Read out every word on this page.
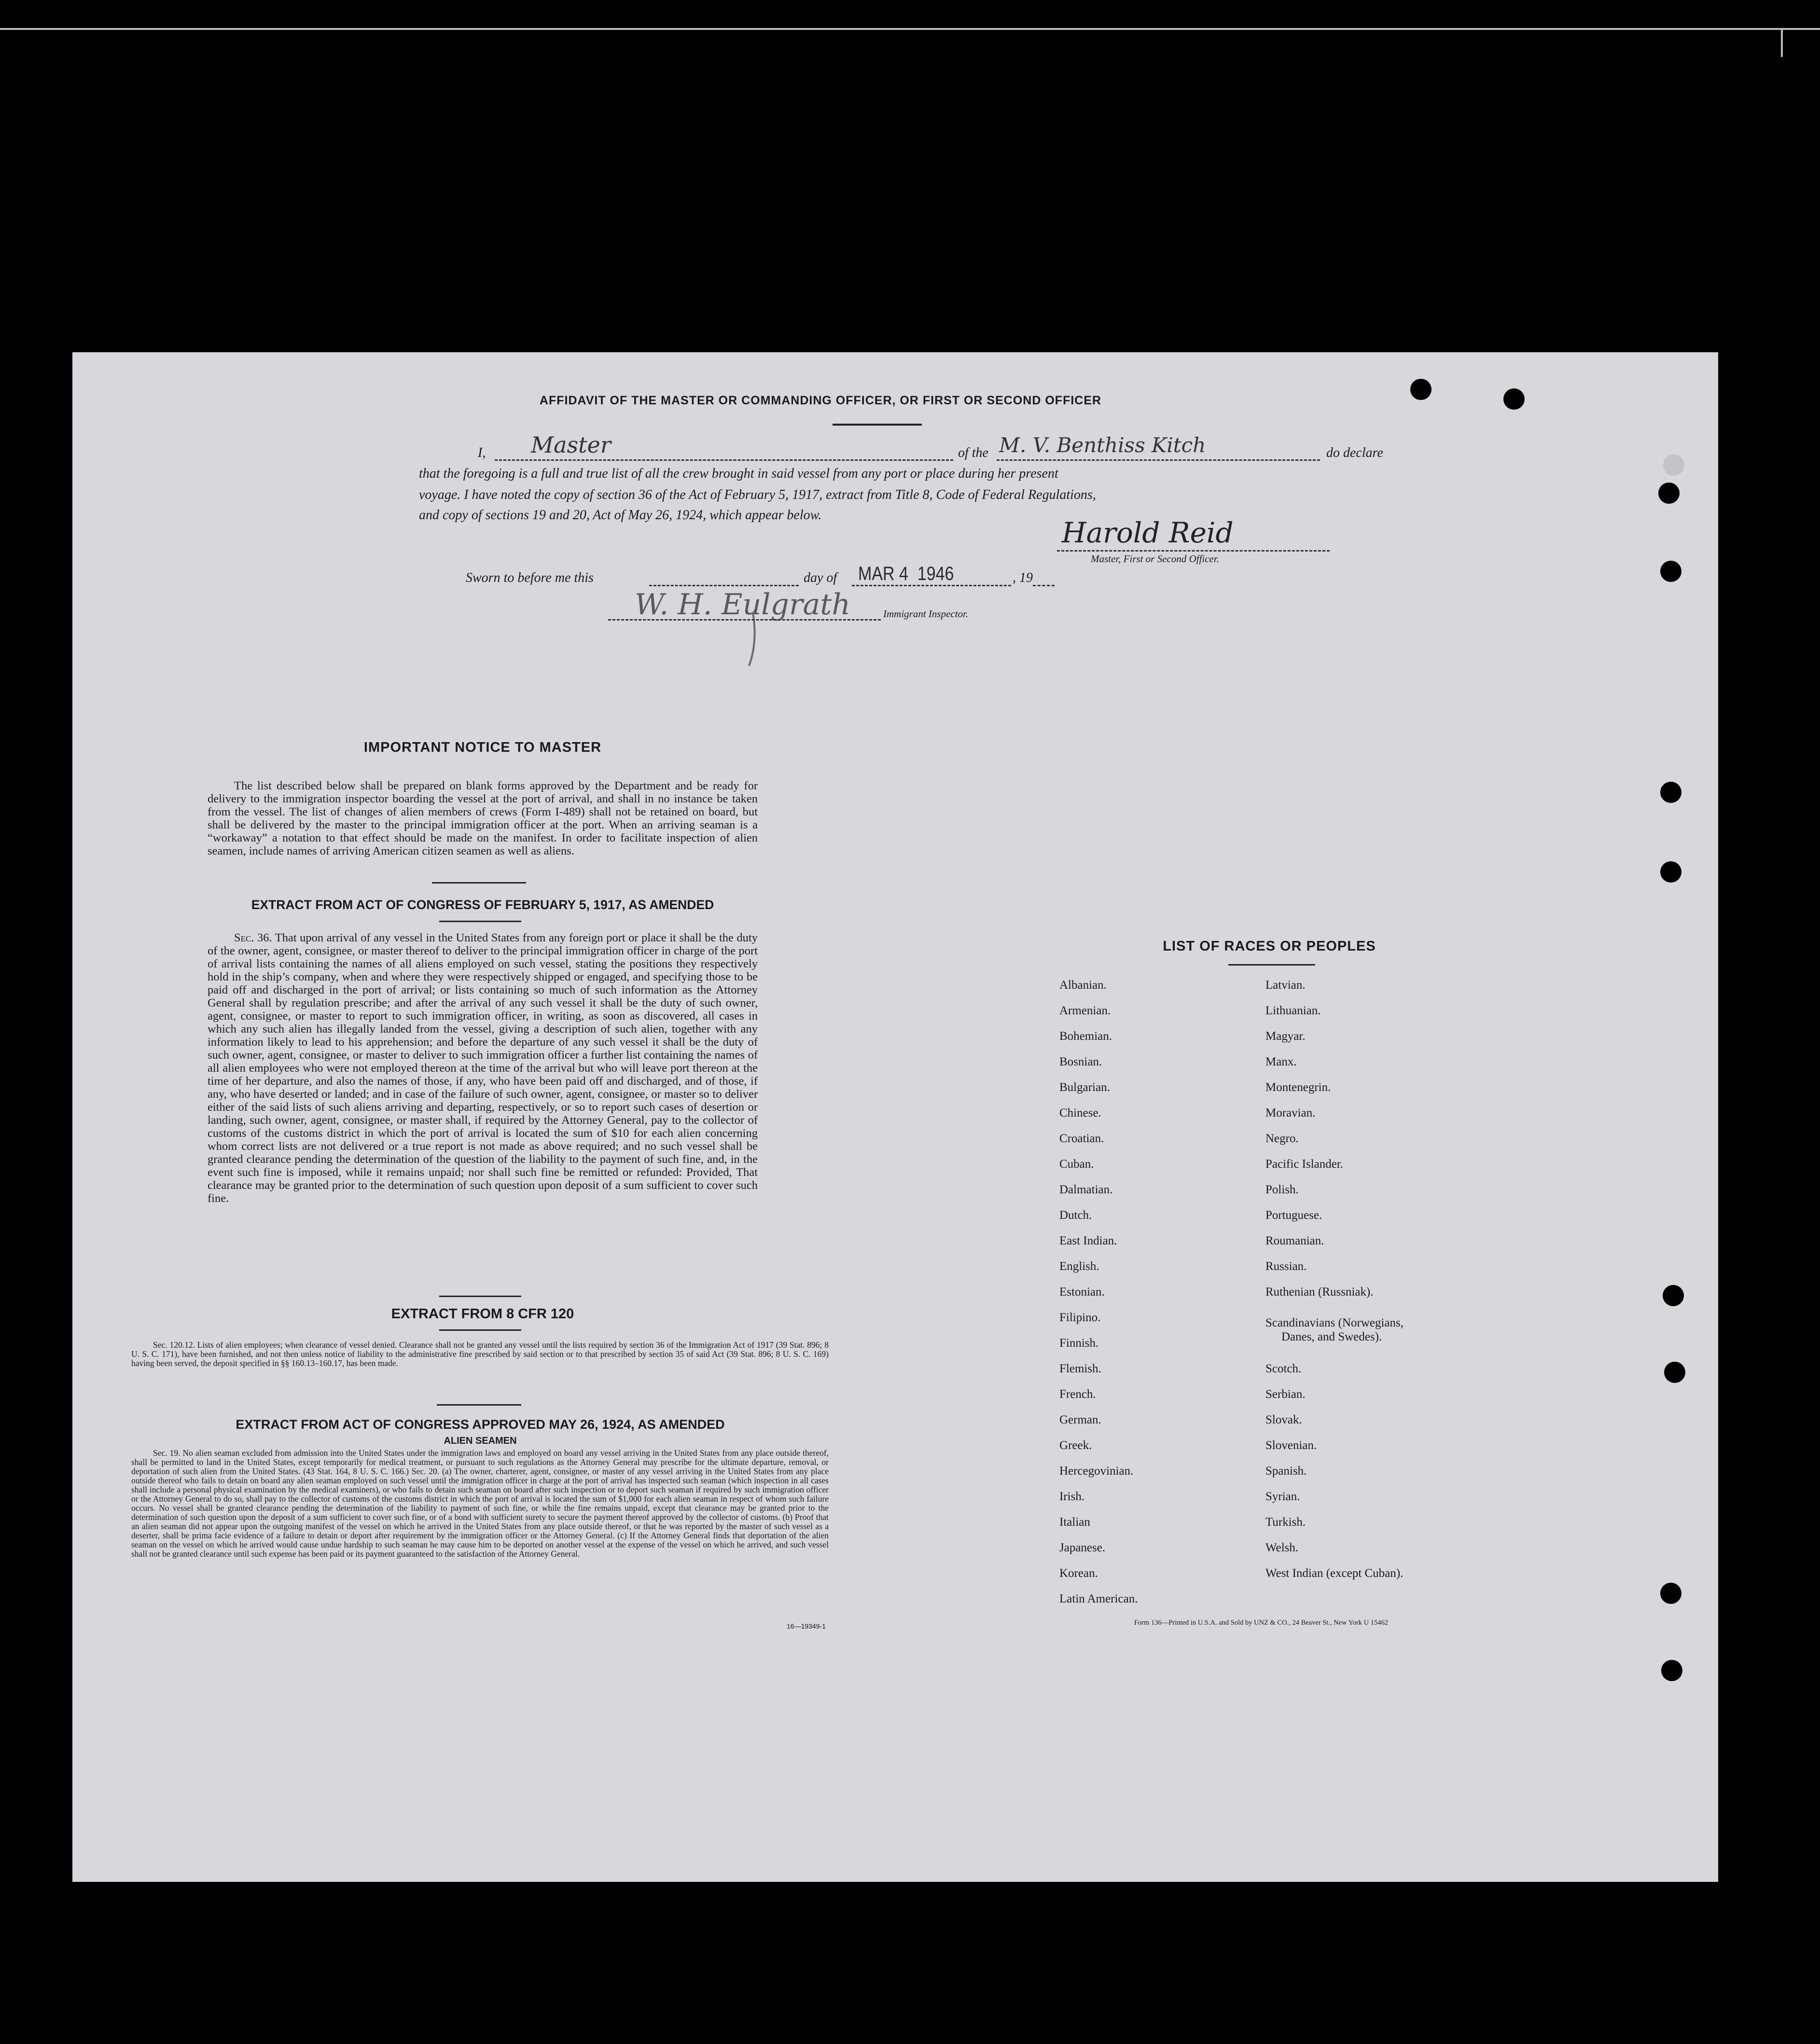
AFFIDAVIT OF THE MASTER OR COMMANDING OFFICER, OR FIRST OR SECOND OFFICER
I, Master	of the M. V. Benthiss Kitch	do declare
that the foregoing is a full and true list of all the crew brought in said vessel from any port or place during her present
voyage. I have noted the copy of section 36 of the Act of February 5, 1917, extract from Title 8, Code of Federal Regulations,
and copy of sections 19 and 20, Act of May 26, 1924, which appear below.
Harold Reid
Master, First or Second Officer.
Sworn to before me this	day of MAR 4  1946	, 19
W. H. Eulgrath	Immigrant Inspector.
IMPORTANT NOTICE TO MASTER
The list described below shall be prepared on blank forms approved by the Department and be ready for delivery to the immigration inspector boarding the vessel at the port of arrival, and shall in no instance be taken from the vessel. The list of changes of alien members of crews (Form I-489) shall not be retained on board, but shall be delivered by the master to the principal immigration officer at the port. When an arriving seaman is a “workaway” a notation to that effect should be made on the manifest. In order to facilitate inspection of alien seamen, include names of arriving American citizen seamen as well as aliens.
EXTRACT FROM ACT OF CONGRESS OF FEBRUARY 5, 1917, AS AMENDED
Sec. 36. That upon arrival of any vessel in the United States from any foreign port or place it shall be the duty of the owner, agent, consignee, or master thereof to deliver to the principal immigration officer in charge of the port of arrival lists containing the names of all aliens employed on such vessel, stating the positions they respectively hold in the ship’s company, when and where they were respectively shipped or engaged, and specifying those to be paid off and discharged in the port of arrival; or lists containing so much of such information as the Attorney General shall by regulation prescribe; and after the arrival of any such vessel it shall be the duty of such owner, agent, consignee, or master to report to such immigration officer, in writing, as soon as discovered, all cases in which any such alien has illegally landed from the vessel, giving a description of such alien, together with any information likely to lead to his apprehension; and before the departure of any such vessel it shall be the duty of such owner, agent, consignee, or master to deliver to such immigration officer a further list containing the names of all alien employees who were not employed thereon at the time of the arrival but who will leave port thereon at the time of her departure, and also the names of those, if any, who have been paid off and discharged, and of those, if any, who have deserted or landed; and in case of the failure of such owner, agent, consignee, or master so to deliver either of the said lists of such aliens arriving and departing, respectively, or so to report such cases of desertion or landing, such owner, agent, consignee, or master shall, if required by the Attorney General, pay to the collector of customs of the customs district in which the port of arrival is located the sum of $10 for each alien concerning whom correct lists are not delivered or a true report is not made as above required; and no such vessel shall be granted clearance pending the determination of the question of the liability to the payment of such fine, and, in the event such fine is imposed, while it remains unpaid; nor shall such fine be remitted or refunded: Provided, That clearance may be granted prior to the determination of such question upon deposit of a sum sufficient to cover such fine.
EXTRACT FROM 8 CFR 120
Sec. 120.12. Lists of alien employees; when clearance of vessel denied. Clearance shall not be granted any vessel until the lists required by section 36 of the Immigration Act of 1917 (39 Stat. 896; 8 U. S. C. 171), have been furnished, and not then unless notice of liability to the administrative fine prescribed by said section or to that prescribed by section 35 of said Act (39 Stat. 896; 8 U. S. C. 169) having been served, the deposit specified in §§ 160.13–160.17, has been made.
EXTRACT FROM ACT OF CONGRESS APPROVED MAY 26, 1924, AS AMENDED
ALIEN SEAMEN
Sec. 19. No alien seaman excluded from admission into the United States under the immigration laws and employed on board any vessel arriving in the United States from any place outside thereof, shall be permitted to land in the United States, except temporarily for medical treatment, or pursuant to such regulations as the Attorney General may prescribe for the ultimate departure, removal, or deportation of such alien from the United States. (43 Stat. 164, 8 U. S. C. 166.) Sec. 20. (a) The owner, charterer, agent, consignee, or master of any vessel arriving in the United States from any place outside thereof who fails to detain on board any alien seaman employed on such vessel until the immigration officer in charge at the port of arrival has inspected such seaman (which inspection in all cases shall include a personal physical examination by the medical examiners), or who fails to detain such seaman on board after such inspection or to deport such seaman if required by such immigration officer or the Attorney General to do so, shall pay to the collector of customs of the customs district in which the port of arrival is located the sum of $1,000 for each alien seaman in respect of whom such failure occurs. No vessel shall be granted clearance pending the determination of the liability to payment of such fine, or while the fine remains unpaid, except that clearance may be granted prior to the determination of such question upon the deposit of a sum sufficient to cover such fine, or of a bond with sufficient surety to secure the payment thereof approved by the collector of customs. (b) Proof that an alien seaman did not appear upon the outgoing manifest of the vessel on which he arrived in the United States from any place outside thereof, or that he was reported by the master of such vessel as a deserter, shall be prima facie evidence of a failure to detain or deport after requirement by the immigration officer or the Attorney General. (c) If the Attorney General finds that deportation of the alien seaman on the vessel on which he arrived would cause undue hardship to such seaman he may cause him to be deported on another vessel at the expense of the vessel on which he arrived, and such vessel shall not be granted clearance until such expense has been paid or its payment guaranteed to the satisfaction of the Attorney General.
16—19349-1
LIST OF RACES OR PEOPLES
Albanian.
Armenian.
Bohemian.
Bosnian.
Bulgarian.
Chinese.
Croatian.
Cuban.
Dalmatian.
Dutch.
East Indian.
English.
Estonian.
Filipino.
Finnish.
Flemish.
French.
German.
Greek.
Hercegovinian.
Irish.
Italian
Japanese.
Korean.
Latin American.
Latvian.
Lithuanian.
Magyar.
Manx.
Montenegrin.
Moravian.
Negro.
Pacific Islander.
Polish.
Portuguese.
Roumanian.
Russian.
Ruthenian (Russniak).
Scandinavians (Norwegians,
Danes, and Swedes).
Scotch.
Serbian.
Slovak.
Slovenian.
Spanish.
Syrian.
Turkish.
Welsh.
West Indian (except Cuban).
Form 136—Printed in U.S.A. and Sold by UNZ & CO., 24 Beaver St., New York U 15462
